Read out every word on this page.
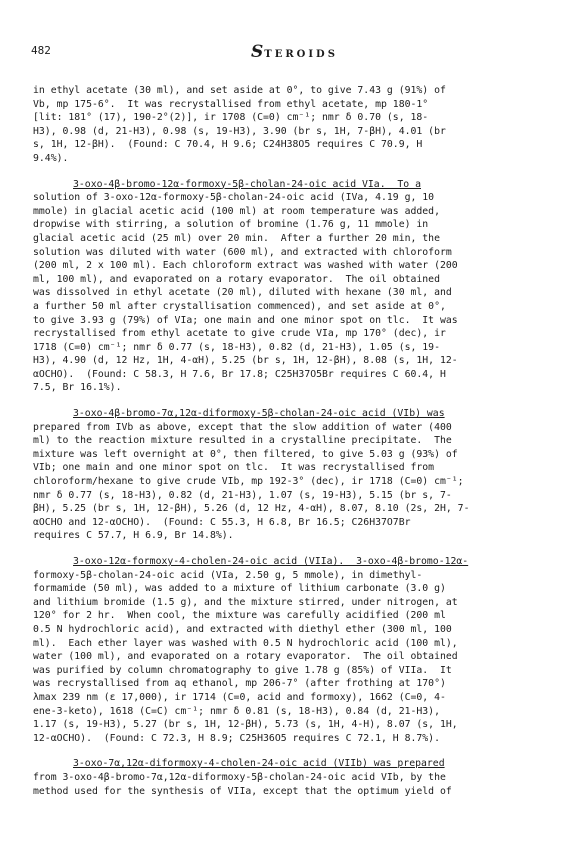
482	STEROIDS
in ethyl acetate (30 ml), and set aside at 0°, to give 7.43 g (91%) of
Vb, mp 175-6°.  It was recrystallised from ethyl acetate, mp 180-1°
[lit: 181° (17), 190-2°(2)], ir 1708 (C=0) cm⁻¹; nmr δ 0.70 (s, 18-
H3), 0.98 (d, 21-H3), 0.98 (s, 19-H3), 3.90 (br s, 1H, 7-βH), 4.01 (br
s, 1H, 12-βH).  (Found: C 70.4, H 9.6; C24H38O5 requires C 70.9, H
9.4%).
3-oxo-4β-bromo-12α-formoxy-5β-cholan-24-oic acid VIa.  To a
solution of 3-oxo-12α-formoxy-5β-cholan-24-oic acid (IVa, 4.19 g, 10
mmole) in glacial acetic acid (100 ml) at room temperature was added,
dropwise with stirring, a solution of bromine (1.76 g, 11 mmole) in
glacial acetic acid (25 ml) over 20 min.  After a further 20 min, the
solution was diluted with water (600 ml), and extracted with chloroform
(200 ml, 2 x 100 ml). Each chloroform extract was washed with water (200
ml, 100 ml), and evaporated on a rotary evaporator.  The oil obtained
was dissolved in ethyl acetate (20 ml), diluted with hexane (30 ml, and
a further 50 ml after crystallisation commenced), and set aside at 0°,
to give 3.93 g (79%) of VIa; one main and one minor spot on tlc.  It was
recrystallised from ethyl acetate to give crude VIa, mp 170° (dec), ir
1718 (C=0) cm⁻¹; nmr δ 0.77 (s, 18-H3), 0.82 (d, 21-H3), 1.05 (s, 19-
H3), 4.90 (d, 12 Hz, 1H, 4-αH), 5.25 (br s, 1H, 12-βH), 8.08 (s, 1H, 12-
αOCHO).  (Found: C 58.3, H 7.6, Br 17.8; C25H37O5Br requires C 60.4, H
7.5, Br 16.1%).
3-oxo-4β-bromo-7α,12α-diformoxy-5β-cholan-24-oic acid (VIb) was
prepared from IVb as above, except that the slow addition of water (400
ml) to the reaction mixture resulted in a crystalline precipitate.  The
mixture was left overnight at 0°, then filtered, to give 5.03 g (93%) of
VIb; one main and one minor spot on tlc.  It was recrystallised from
chloroform/hexane to give crude VIb, mp 192-3° (dec), ir 1718 (C=0) cm⁻¹;
nmr δ 0.77 (s, 18-H3), 0.82 (d, 21-H3), 1.07 (s, 19-H3), 5.15 (br s, 7-
βH), 5.25 (br s, 1H, 12-βH), 5.26 (d, 12 Hz, 4-αH), 8.07, 8.10 (2s, 2H, 7-
αOCHO and 12-αOCHO).  (Found: C 55.3, H 6.8, Br 16.5; C26H37O7Br
requires C 57.7, H 6.9, Br 14.8%).
3-oxo-12α-formoxy-4-cholen-24-oic acid (VIIa).  3-oxo-4β-bromo-12α-
formoxy-5β-cholan-24-oic acid (VIa, 2.50 g, 5 mmole), in dimethyl-
formamide (50 ml), was added to a mixture of lithium carbonate (3.0 g)
and lithium bromide (1.5 g), and the mixture stirred, under nitrogen, at
120° for 2 hr.  When cool, the mixture was carefully acidified (200 ml
0.5 N hydrochloric acid), and extracted with diethyl ether (300 ml, 100
ml).  Each ether layer was washed with 0.5 N hydrochloric acid (100 ml),
water (100 ml), and evaporated on a rotary evaporator.  The oil obtained
was purified by column chromatography to give 1.78 g (85%) of VIIa.  It
was recrystallised from aq ethanol, mp 206-7° (after frothing at 170°)
λmax 239 nm (ε 17,000), ir 1714 (C=0, acid and formoxy), 1662 (C=0, 4-
ene-3-keto), 1618 (C=C) cm⁻¹; nmr δ 0.81 (s, 18-H3), 0.84 (d, 21-H3),
1.17 (s, 19-H3), 5.27 (br s, 1H, 12-βH), 5.73 (s, 1H, 4-H), 8.07 (s, 1H,
12-αOCHO).  (Found: C 72.3, H 8.9; C25H36O5 requires C 72.1, H 8.7%).
3-oxo-7α,12α-diformoxy-4-cholen-24-oic acid (VIIb) was prepared
from 3-oxo-4β-bromo-7α,12α-diformoxy-5β-cholan-24-oic acid VIb, by the
method used for the synthesis of VIIa, except that the optimum yield of
